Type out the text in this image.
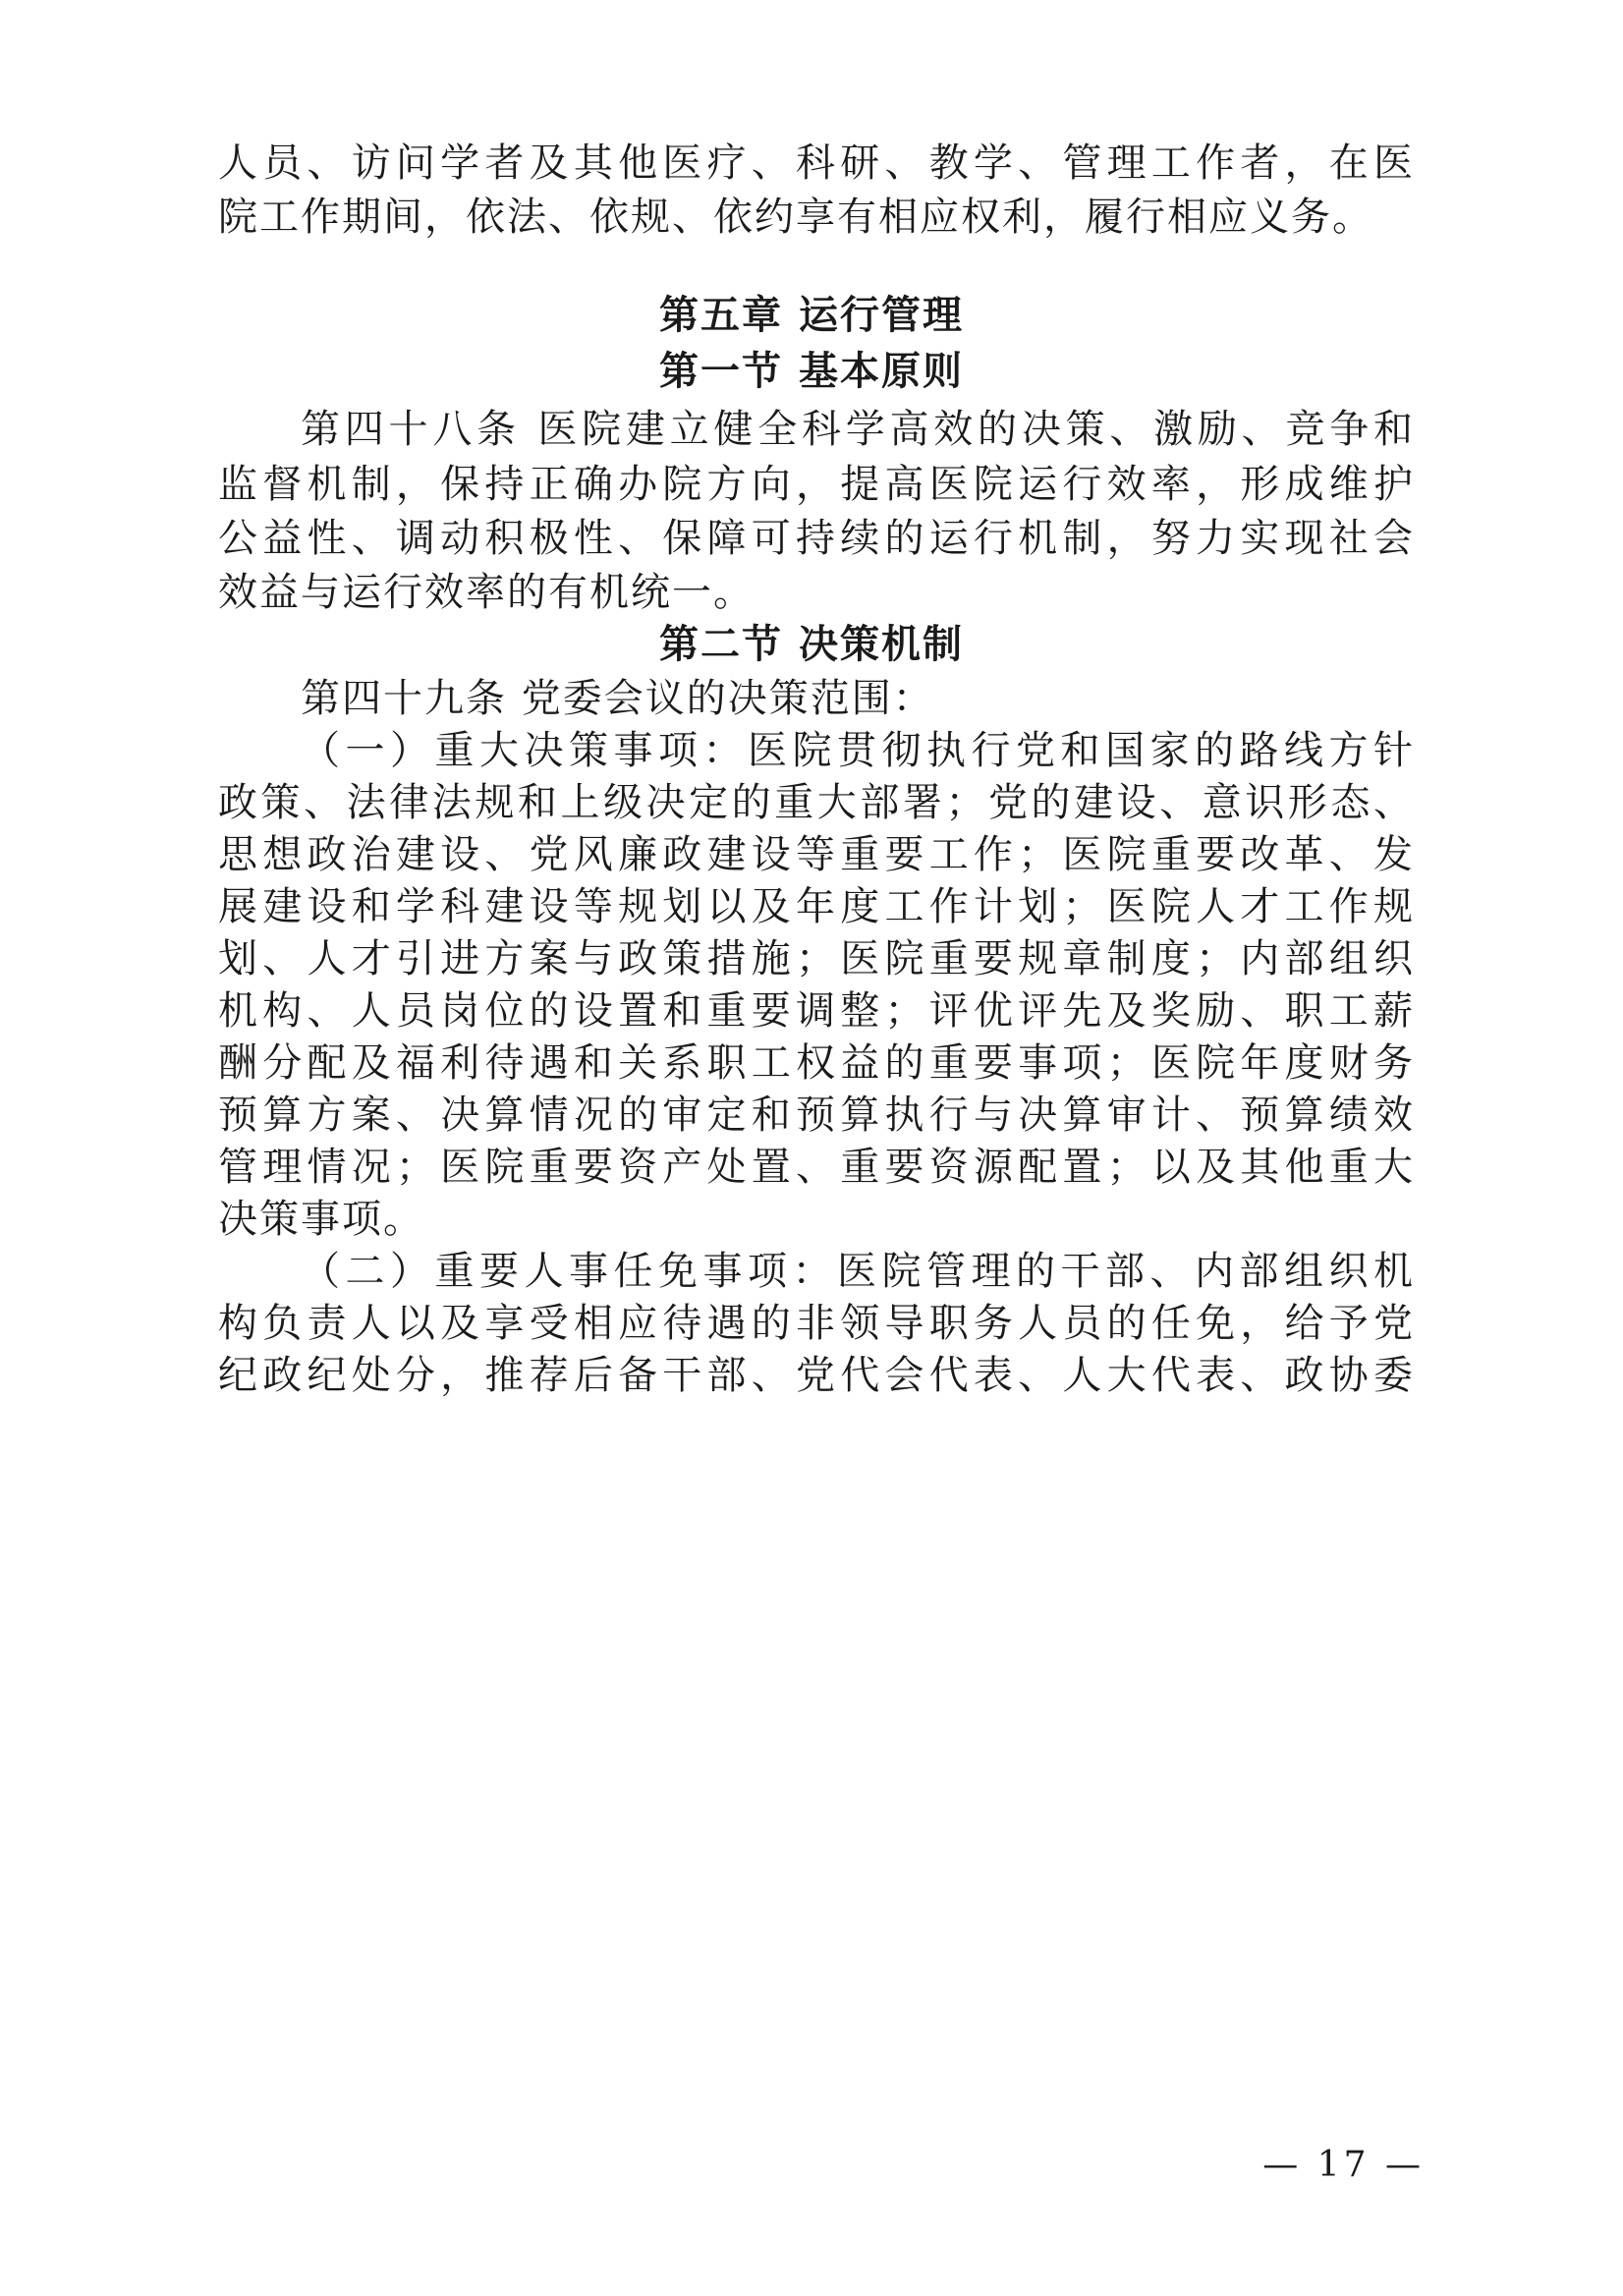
人员、访问学者及其他医疗、科研、教学、管理工作者，在医
院工作期间，依法、依规、依约享有相应权利，履行相应义务。
第五章 运行管理
第一节 基本原则
第四十八条 医院建立健全科学高效的决策、激励、竞争和
监督机制，保持正确办院方向，提高医院运行效率，形成维护
公益性、调动积极性、保障可持续的运行机制，努力实现社会
效益与运行效率的有机统一。
第二节 决策机制
第四十九条 党委会议的决策范围：
（一）重大决策事项：医院贯彻执行党和国家的路线方针
政策、法律法规和上级决定的重大部署；党的建设、意识形态、
思想政治建设、党风廉政建设等重要工作；医院重要改革、发
展建设和学科建设等规划以及年度工作计划；医院人才工作规
划、人才引进方案与政策措施；医院重要规章制度；内部组织
机构、人员岗位的设置和重要调整；评优评先及奖励、职工薪
酬分配及福利待遇和关系职工权益的重要事项；医院年度财务
预算方案、决算情况的审定和预算执行与决算审计、预算绩效
管理情况；医院重要资产处置、重要资源配置；以及其他重大
决策事项。
（二）重要人事任免事项：医院管理的干部、内部组织机
构负责人以及享受相应待遇的非领导职务人员的任免，给予党
纪政纪处分，推荐后备干部、党代会代表、人大代表、政协委
— 17 —
